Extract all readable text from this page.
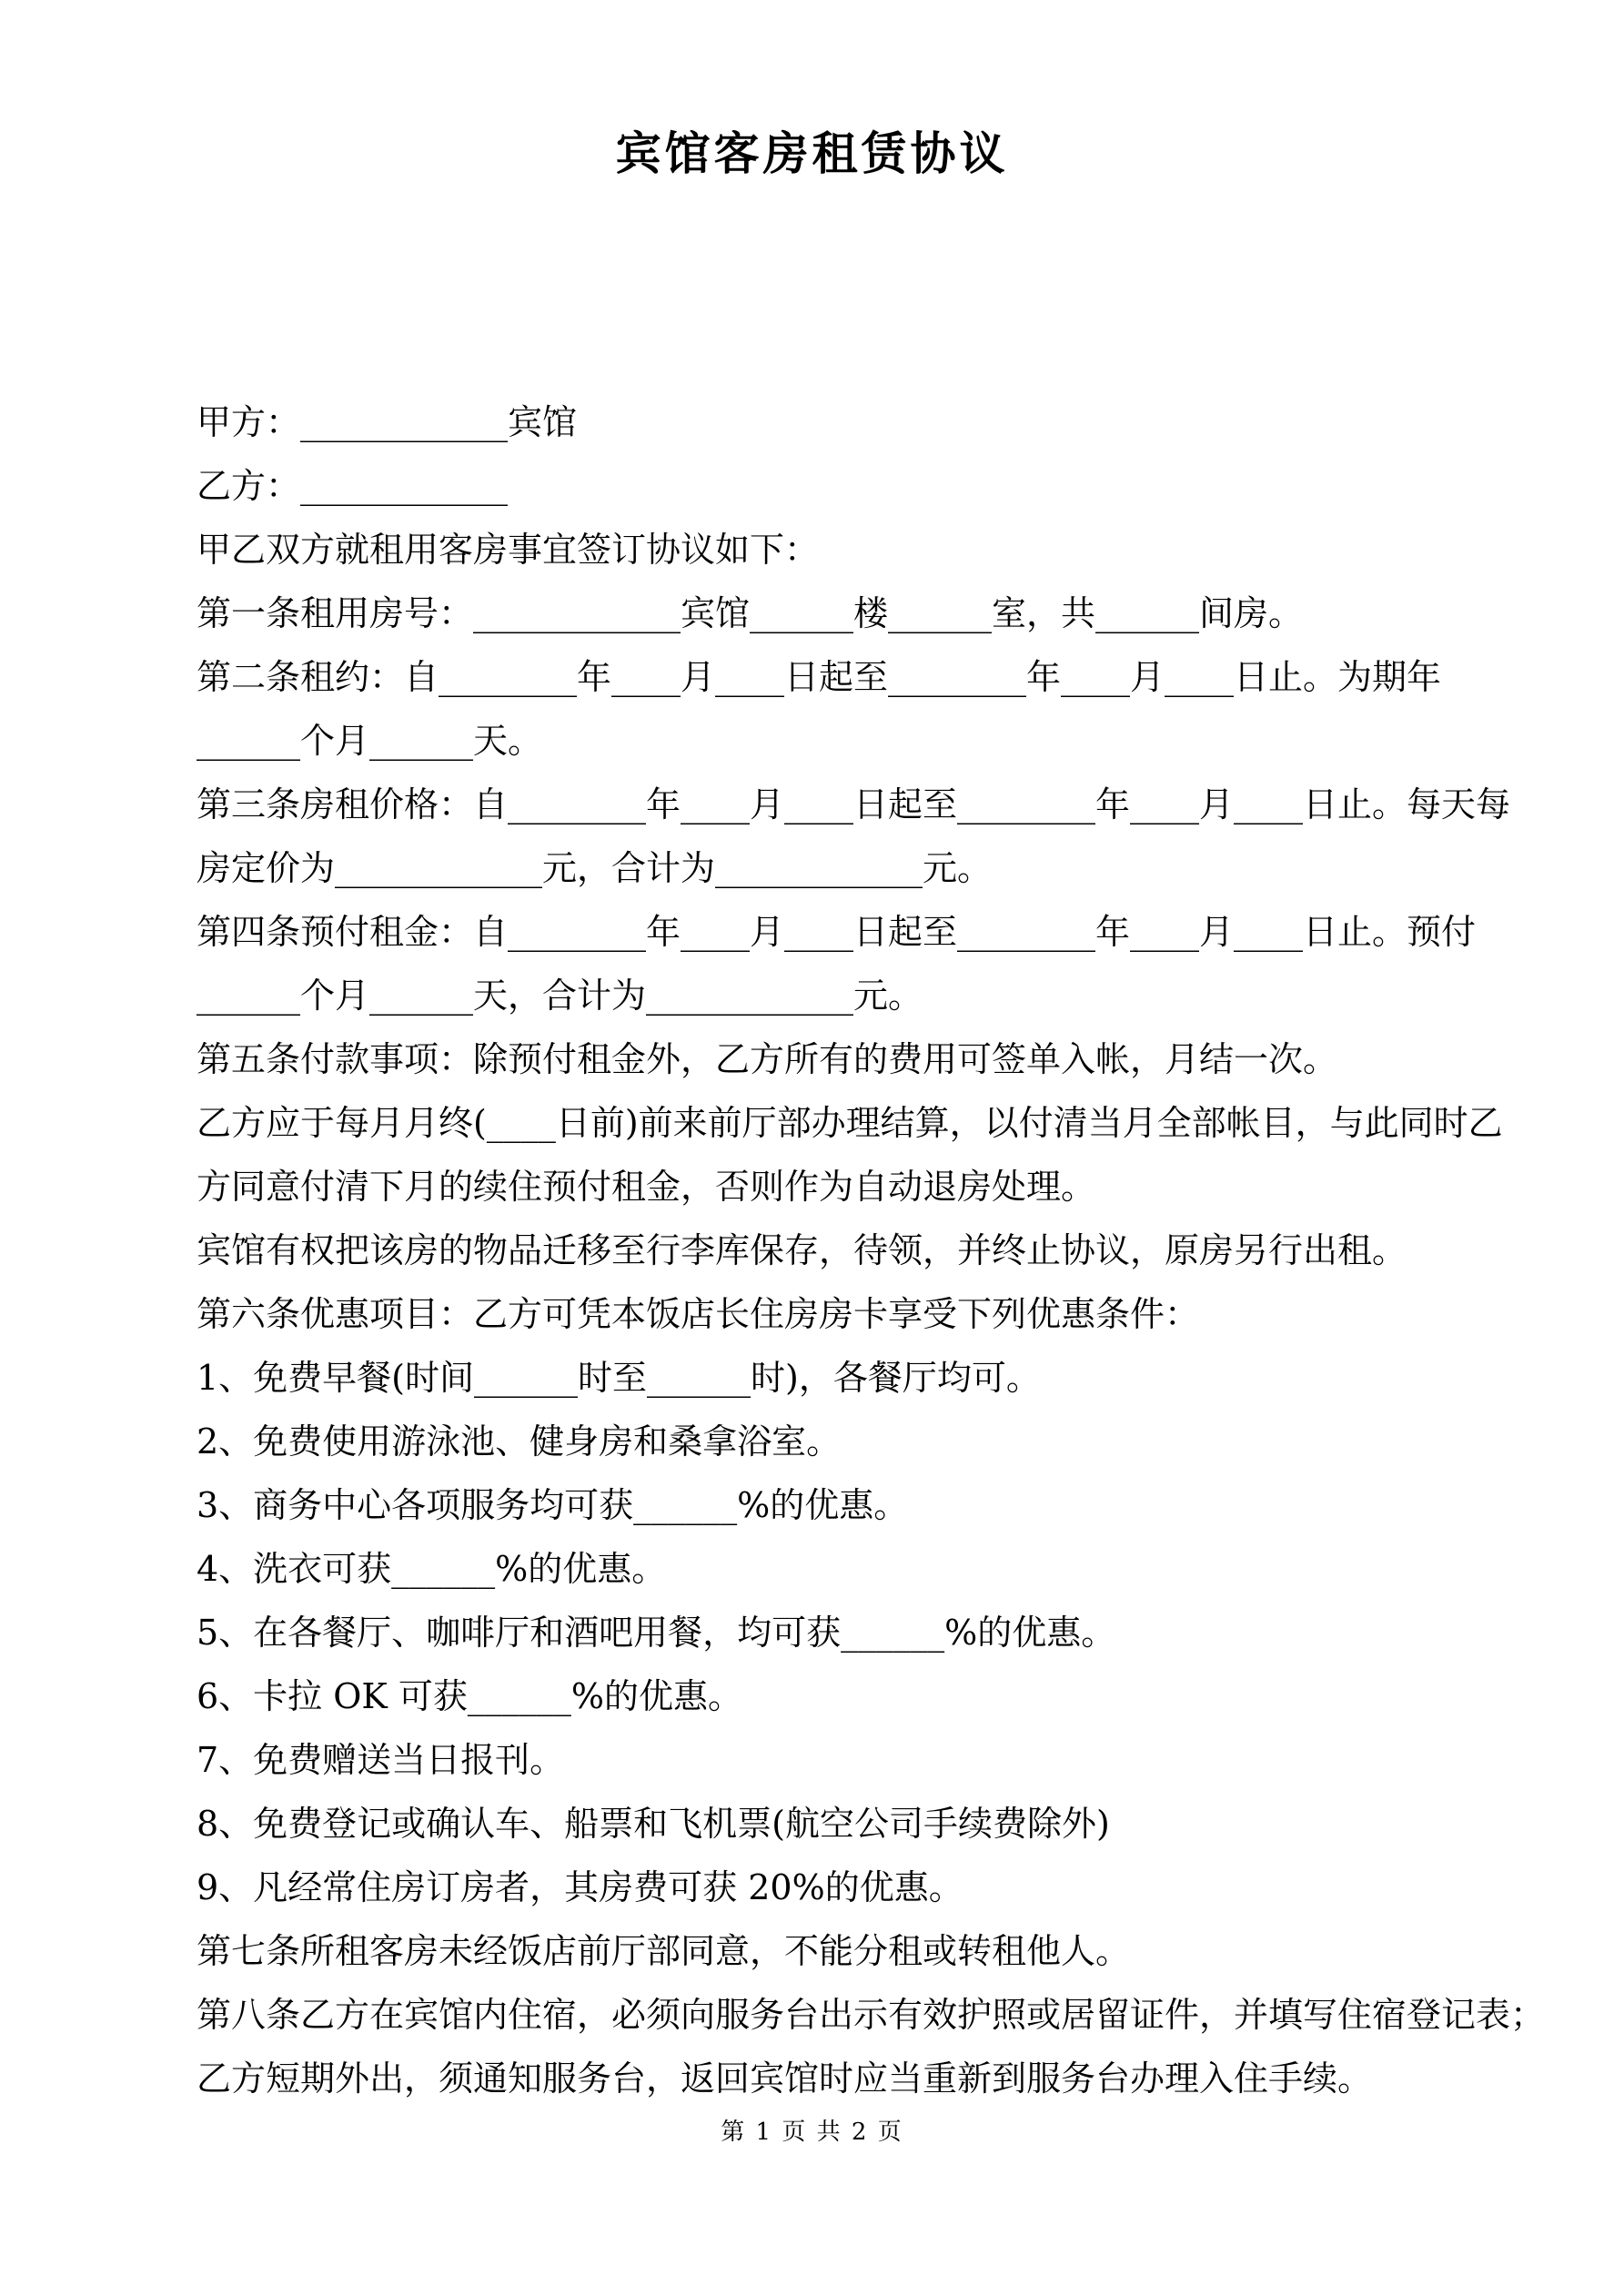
宾馆客房租赁协议

甲方：____________宾馆

乙方：____________

甲乙双方就租用客房事宜签订协议如下：

第一条租用房号：____________宾馆______楼______室，共______间房。

第二条租约：自________年____月____日起至________年____月____日止。为期年

______个月______天。

第三条房租价格：自________年____月____日起至________年____月____日止。每天每

房定价为____________元，合计为____________元。

第四条预付租金：自________年____月____日起至________年____月____日止。预付

______个月______天，合计为____________元。

第五条付款事项：除预付租金外，乙方所有的费用可签单入帐，月结一次。

乙方应于每月月终(____日前)前来前厅部办理结算，以付清当月全部帐目，与此同时乙

方同意付清下月的续住预付租金，否则作为自动退房处理。

宾馆有权把该房的物品迁移至行李库保存，待领，并终止协议，原房另行出租。

第六条优惠项目：乙方可凭本饭店长住房房卡享受下列优惠条件：

1、免费早餐(时间______时至______时)，各餐厅均可。

2、免费使用游泳池、健身房和桑拿浴室。

3、商务中心各项服务均可获______%的优惠。

4、洗衣可获______%的优惠。

5、在各餐厅、咖啡厅和酒吧用餐，均可获______%的优惠。

6、卡拉 OK 可获______%的优惠。

7、免费赠送当日报刊。

8、免费登记或确认车、船票和飞机票(航空公司手续费除外)

9、凡经常住房订房者，其房费可获 20%的优惠。

第七条所租客房未经饭店前厅部同意，不能分租或转租他人。

第八条乙方在宾馆内住宿，必须向服务台出示有效护照或居留证件，并填写住宿登记表；

乙方短期外出，须通知服务台，返回宾馆时应当重新到服务台办理入住手续。

第 1 页 共 2 页
